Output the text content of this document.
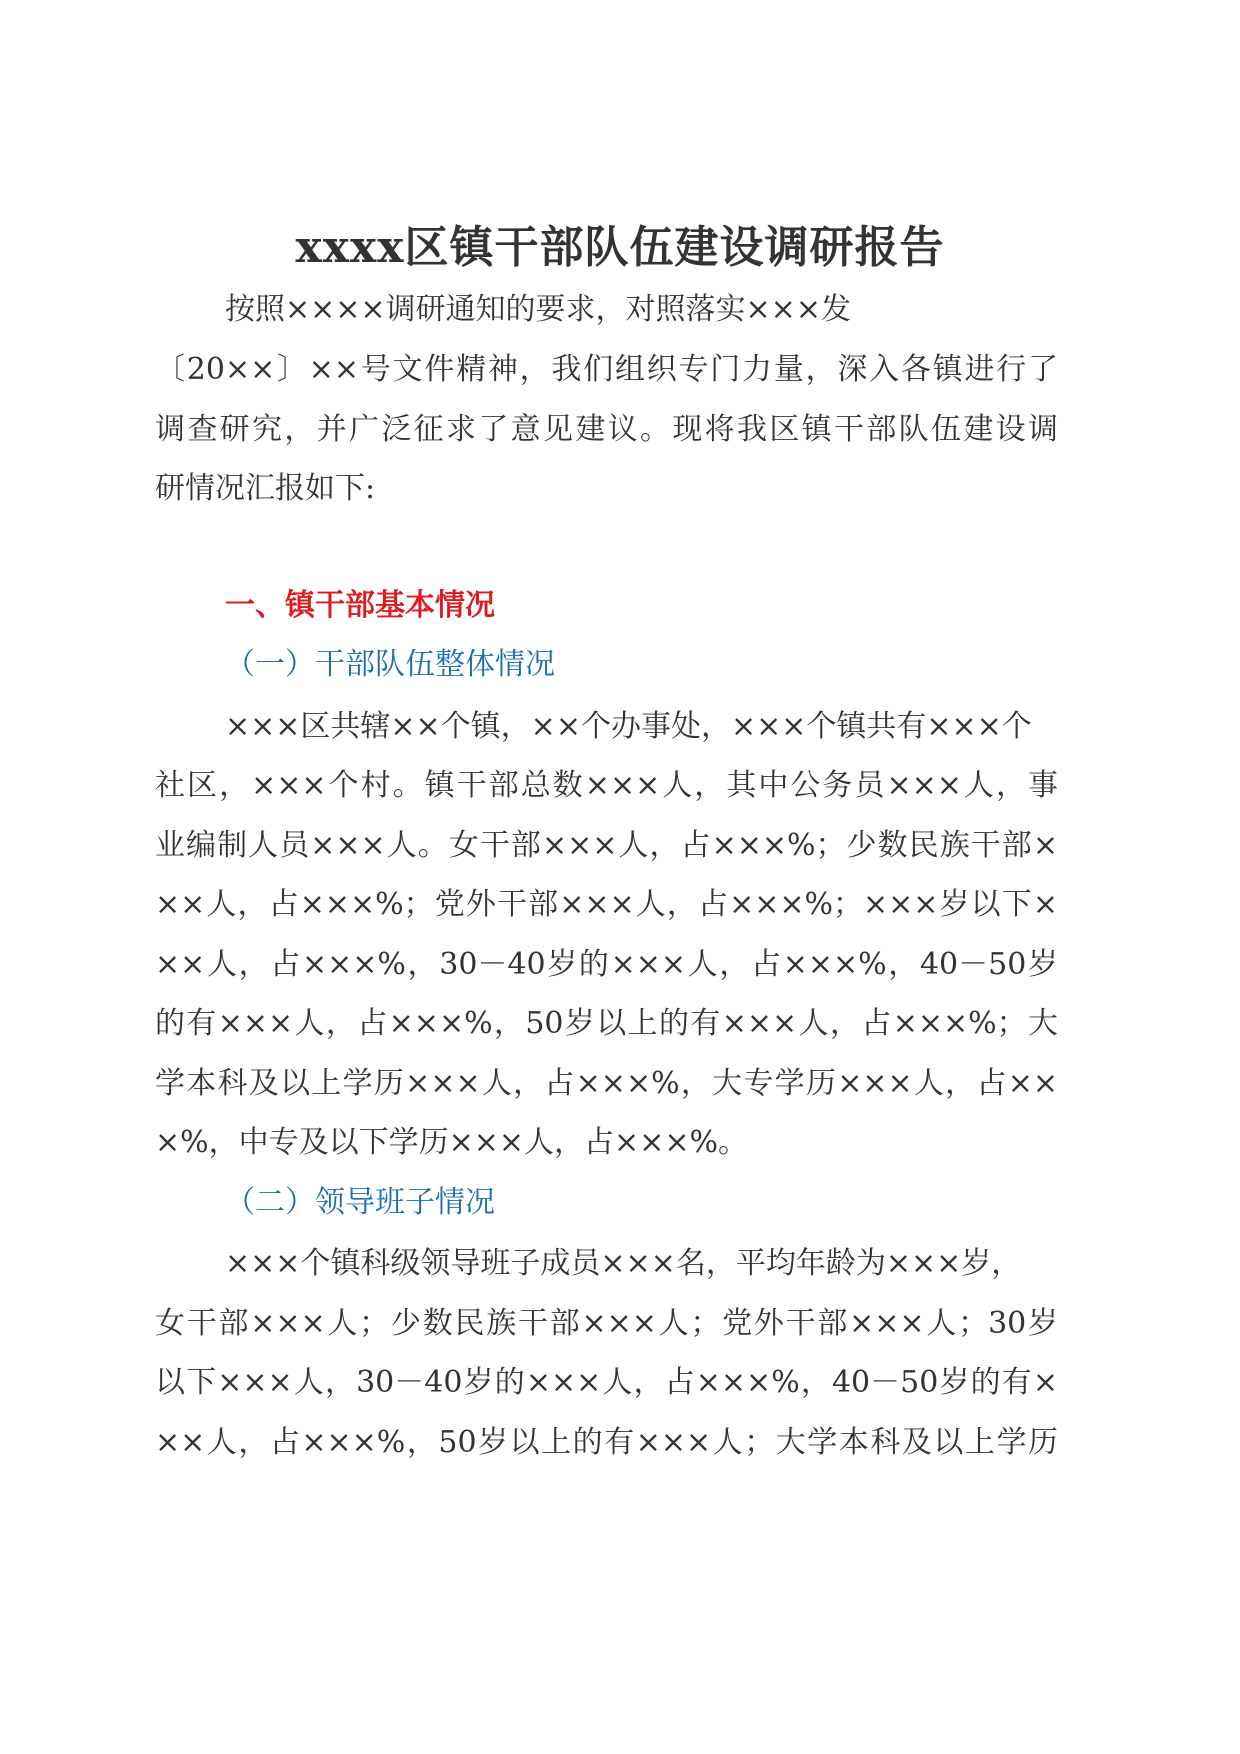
xxxx区镇干部队伍建设调研报告
按照××××调研通知的要求，对照落实×××发
〔20××〕××号文件精神，我们组织专门力量，深入各镇进行了
调查研究，并广泛征求了意见建议。现将我区镇干部队伍建设调
研情况汇报如下:
一、镇干部基本情况
（一）干部队伍整体情况
×××区共辖××个镇，××个办事处，×××个镇共有×××个
社区，×××个村。镇干部总数×××人，其中公务员×××人，事
业编制人员×××人。女干部×××人，占×××%；少数民族干部×
××人，占×××%；党外干部×××人，占×××%；×××岁以下×
××人，占×××%，30－40岁的×××人，占×××%，40－50岁
的有×××人，占×××%，50岁以上的有×××人，占×××%；大
学本科及以上学历×××人，占×××%，大专学历×××人，占××
×%，中专及以下学历×××人，占×××%。
（二）领导班子情况
×××个镇科级领导班子成员×××名，平均年龄为×××岁，
女干部×××人；少数民族干部×××人；党外干部×××人；30岁
以下×××人，30－40岁的×××人，占×××%，40－50岁的有×
××人，占×××%，50岁以上的有×××人；大学本科及以上学历
